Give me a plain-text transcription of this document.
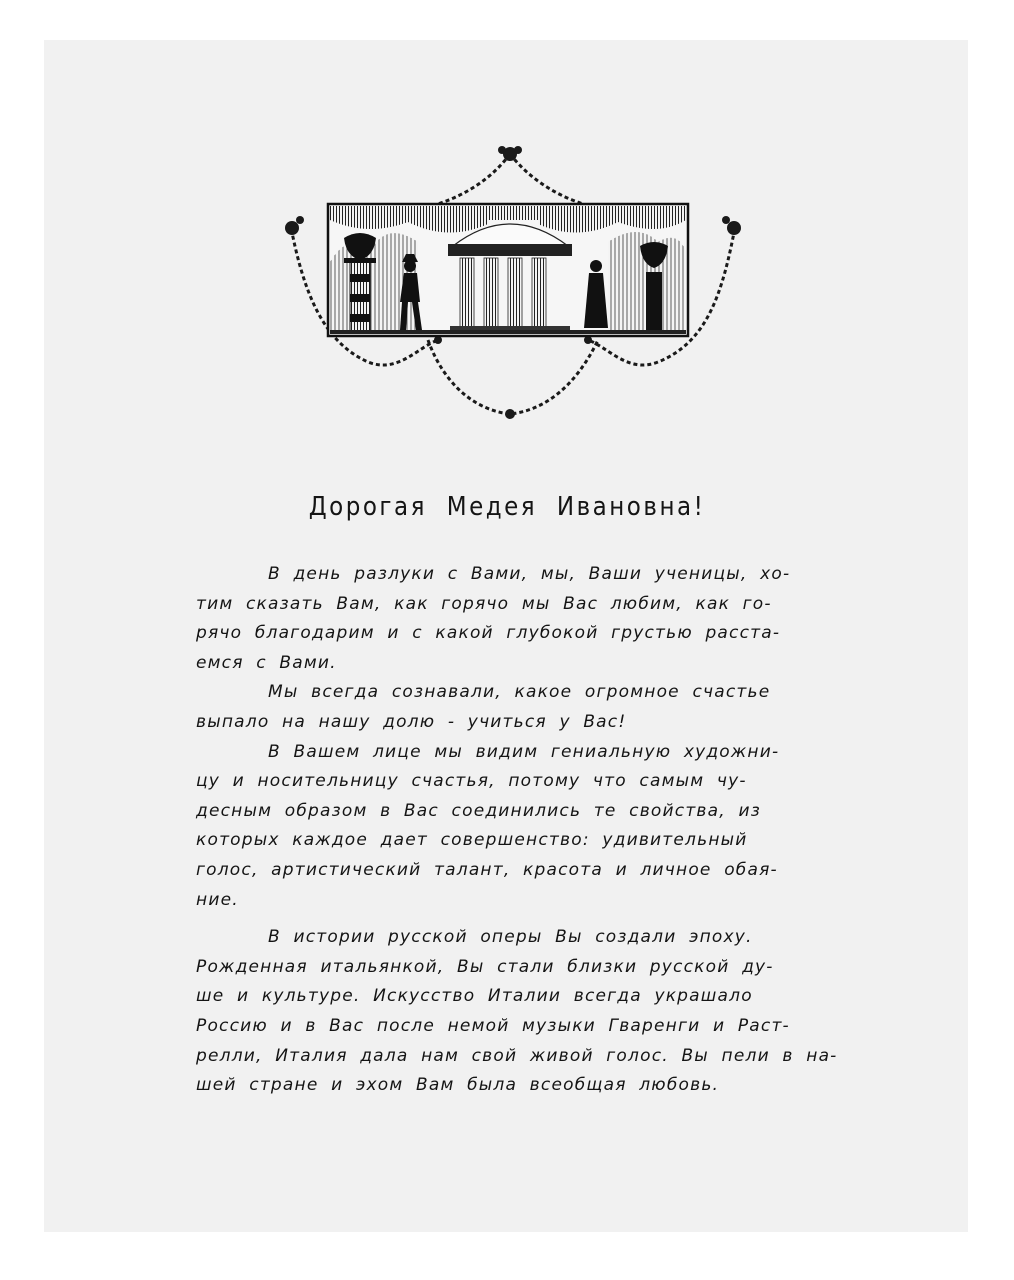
Дорогая Медея Ивановна!
В день разлуки с Вами, мы, Ваши ученицы, хо-
тим сказать Вам, как горячо мы Вас любим, как го-
рячо благодарим и с какой глубокой грустью расста-
емся с Вами.
Мы всегда сознавали, какое огромное счастье
выпало на нашу долю - учиться у Вас!
В Вашем лице мы видим гениальную художни-
цу и носительницу счастья, потому что самым чу-
десным образом в Вас соединились те свойства, из
которых каждое дает совершенство: удивительный
голос, артистический талант, красота и личное обая-
ние.
В истории русской оперы Вы создали эпоху.
Рожденная итальянкой, Вы стали близки русской ду-
ше и культуре. Искусство Италии всегда украшало
Россию и в Вас после немой музыки Гваренги и Раст-
релли, Италия дала нам свой живой голос. Вы пели в на-
шей стране и эхом Вам была всеобщая любовь.
